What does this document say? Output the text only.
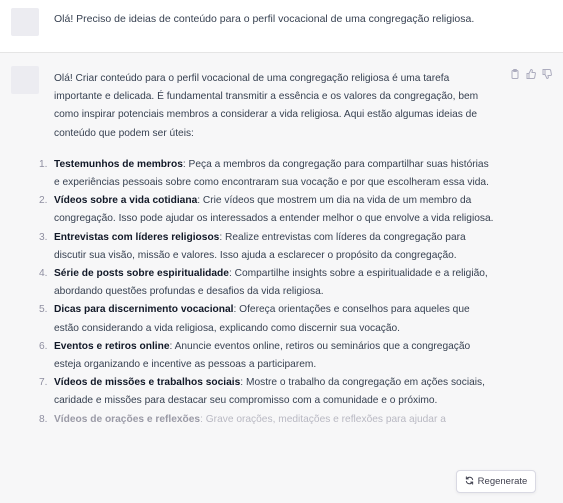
Olá! Preciso de ideias de conteúdo para o perfil vocacional de uma congregação religiosa.

Olá! Criar conteúdo para o perfil vocacional de uma congregação religiosa é uma tarefa importante e delicada. É fundamental transmitir a essência e os valores da congregação, bem como inspirar potenciais membros a considerar a vida religiosa. Aqui estão algumas ideias de conteúdo que podem ser úteis:

1. Testemunhos de membros: Peça a membros da congregação para compartilhar suas histórias e experiências pessoais sobre como encontraram sua vocação e por que escolheram essa vida.
2. Vídeos sobre a vida cotidiana: Crie vídeos que mostrem um dia na vida de um membro da congregação. Isso pode ajudar os interessados a entender melhor o que envolve a vida religiosa.
3. Entrevistas com líderes religiosos: Realize entrevistas com líderes da congregação para discutir sua visão, missão e valores. Isso ajuda a esclarecer o propósito da congregação.
4. Série de posts sobre espiritualidade: Compartilhe insights sobre a espiritualidade e a religião, abordando questões profundas e desafios da vida religiosa.
5. Dicas para discernimento vocacional: Ofereça orientações e conselhos para aqueles que estão considerando a vida religiosa, explicando como discernir sua vocação.
6. Eventos e retiros online: Anuncie eventos online, retiros ou seminários que a congregação esteja organizando e incentive as pessoas a participarem.
7. Vídeos de missões e trabalhos sociais: Mostre o trabalho da congregação em ações sociais, caridade e missões para destacar seu compromisso com a comunidade e o próximo.
8. Vídeos de orações e reflexões: Grave orações, meditações e reflexões para ajudar a
Regenerate
